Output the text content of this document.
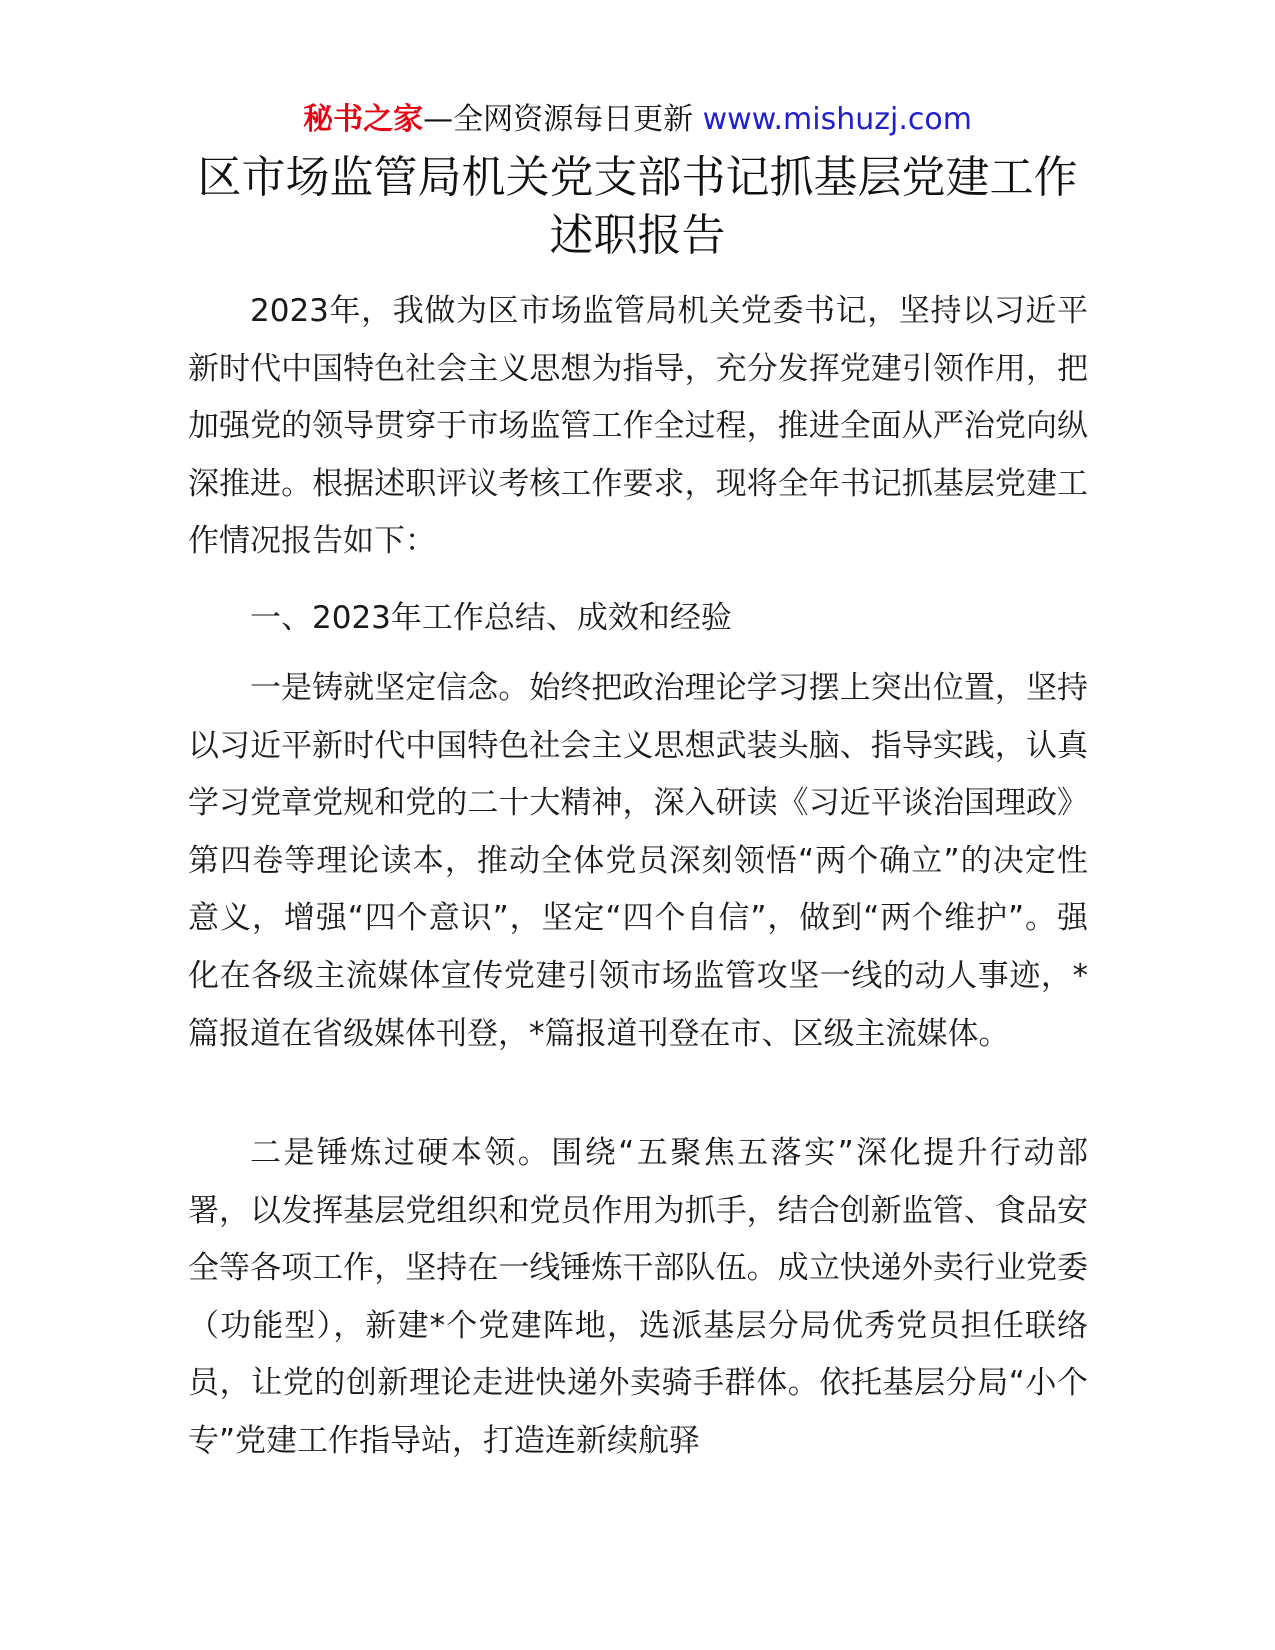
秘书之家—全网资源每日更新 www.mishuzj.com
区市场监管局机关党支部书记抓基层党建工作
述职报告

2023年，我做为区市场监管局机关党委书记，坚持以习近平新时代中国特色社会主义思想为指导，充分发挥党建引领作用，把加强党的领导贯穿于市场监管工作全过程，推进全面从严治党向纵深推进。根据述职评议考核工作要求，现将全年书记抓基层党建工作情况报告如下：

一、2023年工作总结、成效和经验

一是铸就坚定信念。始终把政治理论学习摆上突出位置，坚持以习近平新时代中国特色社会主义思想武装头脑、指导实践，认真学习党章党规和党的二十大精神，深入研读《习近平谈治国理政》第四卷等理论读本，推动全体党员深刻领悟“两个确立”的决定性意义，增强“四个意识”，坚定“四个自信”，做到“两个维护”。强化在各级主流媒体宣传党建引领市场监管攻坚一线的动人事迹，*篇报道在省级媒体刊登，*篇报道刊登在市、区级主流媒体。

二是锤炼过硬本领。围绕“五聚焦五落实”深化提升行动部署，以发挥基层党组织和党员作用为抓手，结合创新监管、食品安全等各项工作，坚持在一线锤炼干部队伍。成立快递外卖行业党委（功能型），新建*个党建阵地，选派基层分局优秀党员担任联络员，让党的创新理论走进快递外卖骑手群体。依托基层分局“小个专”党建工作指导站，打造连新续航驿
